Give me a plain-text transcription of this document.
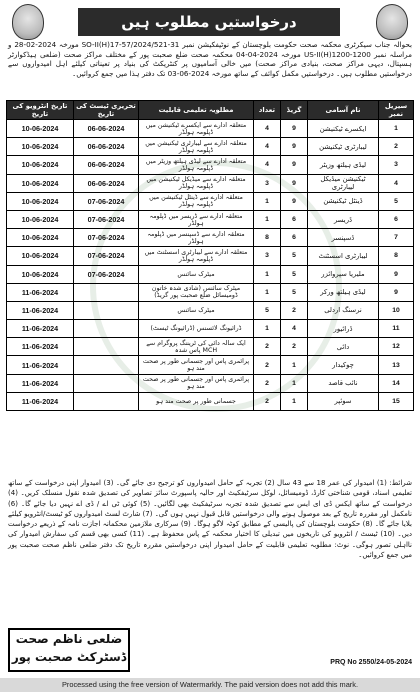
درخواستیں مطلوب ہیں
بحوالہ جناب سیکرٹری محکمہ صحت حکومت بلوچستان کے نوٹیفکیشن نمبر SO-II(H)17-57/2024/521-31 مورخہ 2024-02-28 و مراسلہ نمبر US-II(H)1200-1200 مورخہ 2024-04-04 محکمہ صحت ضلع صحبت پور کے مختلف مراکز صحت (ضلعی ہیڈکوارٹر ہسپتال، دیہی مراکز صحت، بنیادی مراکز صحت) میں خالی آسامیوں پر کنٹریکٹ کی بنیاد پر تعیناتی کیلئے اہل امیدواروں سے درخواستیں مطلوب ہیں۔ درخواستیں مکمل کوائف کے ساتھ مورخہ 2024-06-03 تک دفتر ہذا میں جمع کروائیں۔
سیریل نمبر	نام آسامی	گریڈ	تعداد	مطلوبہ تعلیمی قابلیت	تحریری ٹیسٹ کی تاریخ	تاریخ انٹرویو کی تاریخ
1	ایکسرے ٹیکنیشن	9	4	متعلقہ ادارے سے ایکسرے ٹیکنیشن میں ڈپلومہ ہولڈر	06-06-2024	10-06-2024
2	لیبارٹری ٹیکنیشن	9	4	متعلقہ ادارے سے لیبارٹری ٹیکنیشن میں ڈپلومہ ہولڈر	06-06-2024	10-06-2024
3	لیڈی ہیلتھ وزیٹر	9	4	متعلقہ ادارے سے لیڈی ہیلتھ وزیٹر میں ڈپلومہ ہولڈر	06-06-2024	10-06-2024
4	ٹیکنیشن میڈیکل لیبارٹری	9	3	متعلقہ ادارے سے میڈیکل ٹیکنیشن میں ڈپلومہ ہولڈر	06-06-2024	10-06-2024
5	ڈینٹل ٹیکنیشن	9	1	متعلقہ ادارے سے ڈینٹل ٹیکنیشن میں ڈپلومہ ہولڈر	07-06-2024	10-06-2024
6	ڈریسر	6	1	متعلقہ ادارے سے ڈریسر میں ڈپلومہ ہولڈر	07-06-2024	10-06-2024
7	ڈسپنسر	6	8	متعلقہ ادارے سے ڈسپنسر میں ڈپلومہ ہولڈر	07-06-2024	10-06-2024
8	لیبارٹری اسسٹنٹ	5	3	متعلقہ ادارے سے لیبارٹری اسسٹنٹ میں ڈپلومہ ہولڈر	07-06-2024	10-06-2024
9	ملیریا سپروائزر	5	1	میٹرک سائنس	07-06-2024	10-06-2024
9	لیڈی ہیلتھ ورکر	5	1	میٹرک سائنس (شادی شدہ خاتون ڈومیسائل ضلع صحبت پور گریڈ)		11-06-2024
10	نرسنگ اردلی	2	5	میٹرک سائنس		11-06-2024
11	ڈرائیور	4	1	ڈرائیونگ لائسنس (ڈرائیونگ ٹیسٹ)		11-06-2024
12	دائی	2	2	ایک سالہ دائی کی ٹریننگ پروگرام سے MCH پاس شدہ		11-06-2024
13	چوکیدار	1	2	پرائمری پاس اور جسمانی طور پر صحت مند ہو		11-06-2024
14	نائب قاصد	1	2	پرائمری پاس اور جسمانی طور پر صحت مند ہو		11-06-2024
15	سوئپر	1	2	جسمانی طور پر صحت مند ہو		11-06-2024
شرائط: (1) امیدوار کی عمر 18 سے 43 سال (2) تجربہ کے حامل امیدواروں کو ترجیح دی جائے گی۔ (3) امیدوار اپنی درخواست کے ساتھ تعلیمی اسناد، قومی شناختی کارڈ، ڈومیسائل، لوکل سرٹیفکیٹ اور حالیہ پاسپورٹ سائز تصاویر کی تصدیق شدہ نقول منسلک کریں۔ (4) درخواست کے ساتھ ایکس ڈی ای ایس سے تصدیق شدہ تجربہ سرٹیفکیٹ بھی لگائیں۔ (5) کوئی ٹی اے / ڈی اے نہیں دیا جائے گا۔ (6) نامکمل اور مقررہ تاریخ کے بعد موصول ہونے والی درخواستیں قابل قبول نہیں ہوں گی۔ (7) شارٹ لسٹ امیدواروں کو ٹیسٹ/انٹرویو کیلئے بلایا جائے گا۔ (8) حکومت بلوچستان کی پالیسی کے مطابق کوٹہ لاگو ہوگا۔ (9) سرکاری ملازمین محکمانہ اجازت نامہ کے ذریعے درخواست دیں۔ (10) ٹیسٹ / انٹرویو کی تاریخوں میں تبدیلی کا اختیار محکمہ کے پاس محفوظ ہے۔ (11) کسی بھی قسم کی سفارش امیدوار کی نااہلی تصور ہوگی۔ نوٹ: مطلوبہ تعلیمی قابلیت کے حامل امیدوار اپنی درخواستیں مقررہ تاریخ تک دفتر ضلعی ناظم صحت صحبت پور میں جمع کروائیں۔
ضلعی ناظم صحت
ڈسٹرکٹ صحبت پور	PRQ No 2550/24-05-2024
Processed using the free version of Watermarkly. The paid version does not add this mark.
